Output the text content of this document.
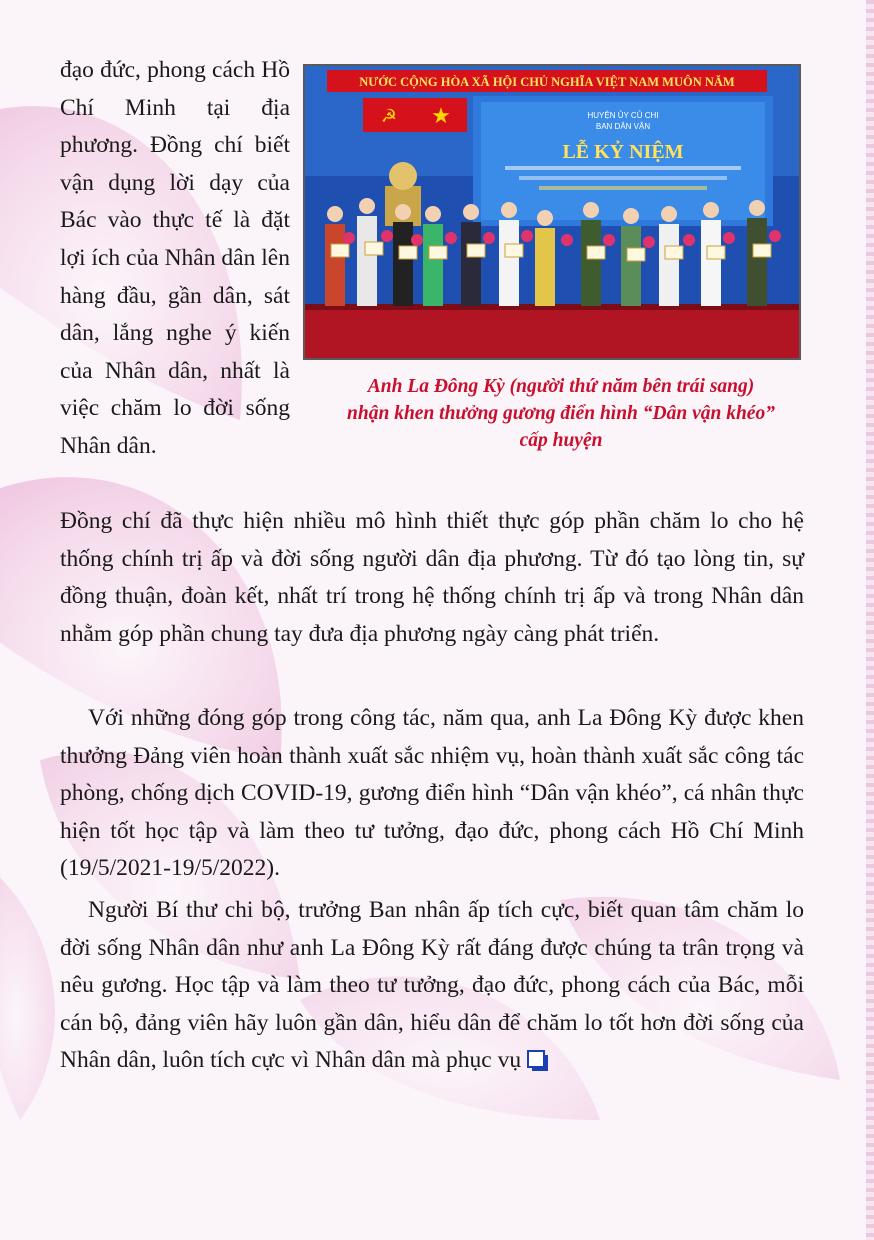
đạo đức, phong cách Hồ Chí Minh tại địa phương. Đồng chí biết vận dụng lời dạy của Bác vào thực tế là đặt lợi ích của Nhân dân lên hàng đầu, gần dân, sát dân, lắng nghe ý kiến của Nhân dân, nhất là việc chăm lo đời sống Nhân dân.

NƯỚC CỘNG HÒA XÃ HỘI CHỦ NGHĨA VIỆT NAM MUÔN NĂM
☭ ★	HUYỆN ỦY CỦ CHI
BAN DÂN VẬN
LỄ KỶ NIỆM
Anh La Đông Kỳ (người thứ năm bên trái sang)
nhận khen thưởng gương điển hình “Dân vận khéo”
cấp huyện

Đồng chí đã thực hiện nhiều mô hình thiết thực góp phần chăm lo cho hệ thống chính trị ấp và đời sống người dân địa phương. Từ đó tạo lòng tin, sự đồng thuận, đoàn kết, nhất trí trong hệ thống chính trị ấp và trong Nhân dân nhằm góp phần chung tay đưa địa phương ngày càng phát triển.

Với những đóng góp trong công tác, năm qua, anh La Đông Kỳ được khen thưởng Đảng viên hoàn thành xuất sắc nhiệm vụ, hoàn thành xuất sắc công tác phòng, chống dịch COVID-19, gương điển hình “Dân vận khéo”, cá nhân thực hiện tốt học tập và làm theo tư tưởng, đạo đức, phong cách Hồ Chí Minh (19/5/2021-19/5/2022).

Người Bí thư chi bộ, trưởng Ban nhân ấp tích cực, biết quan tâm chăm lo đời sống Nhân dân như anh La Đông Kỳ rất đáng được chúng ta trân trọng và nêu gương. Học tập và làm theo tư tưởng, đạo đức, phong cách của Bác, mỗi cán bộ, đảng viên hãy luôn gần dân, hiểu dân để chăm lo tốt hơn đời sống của Nhân dân, luôn tích cực vì Nhân dân mà phục vụ
